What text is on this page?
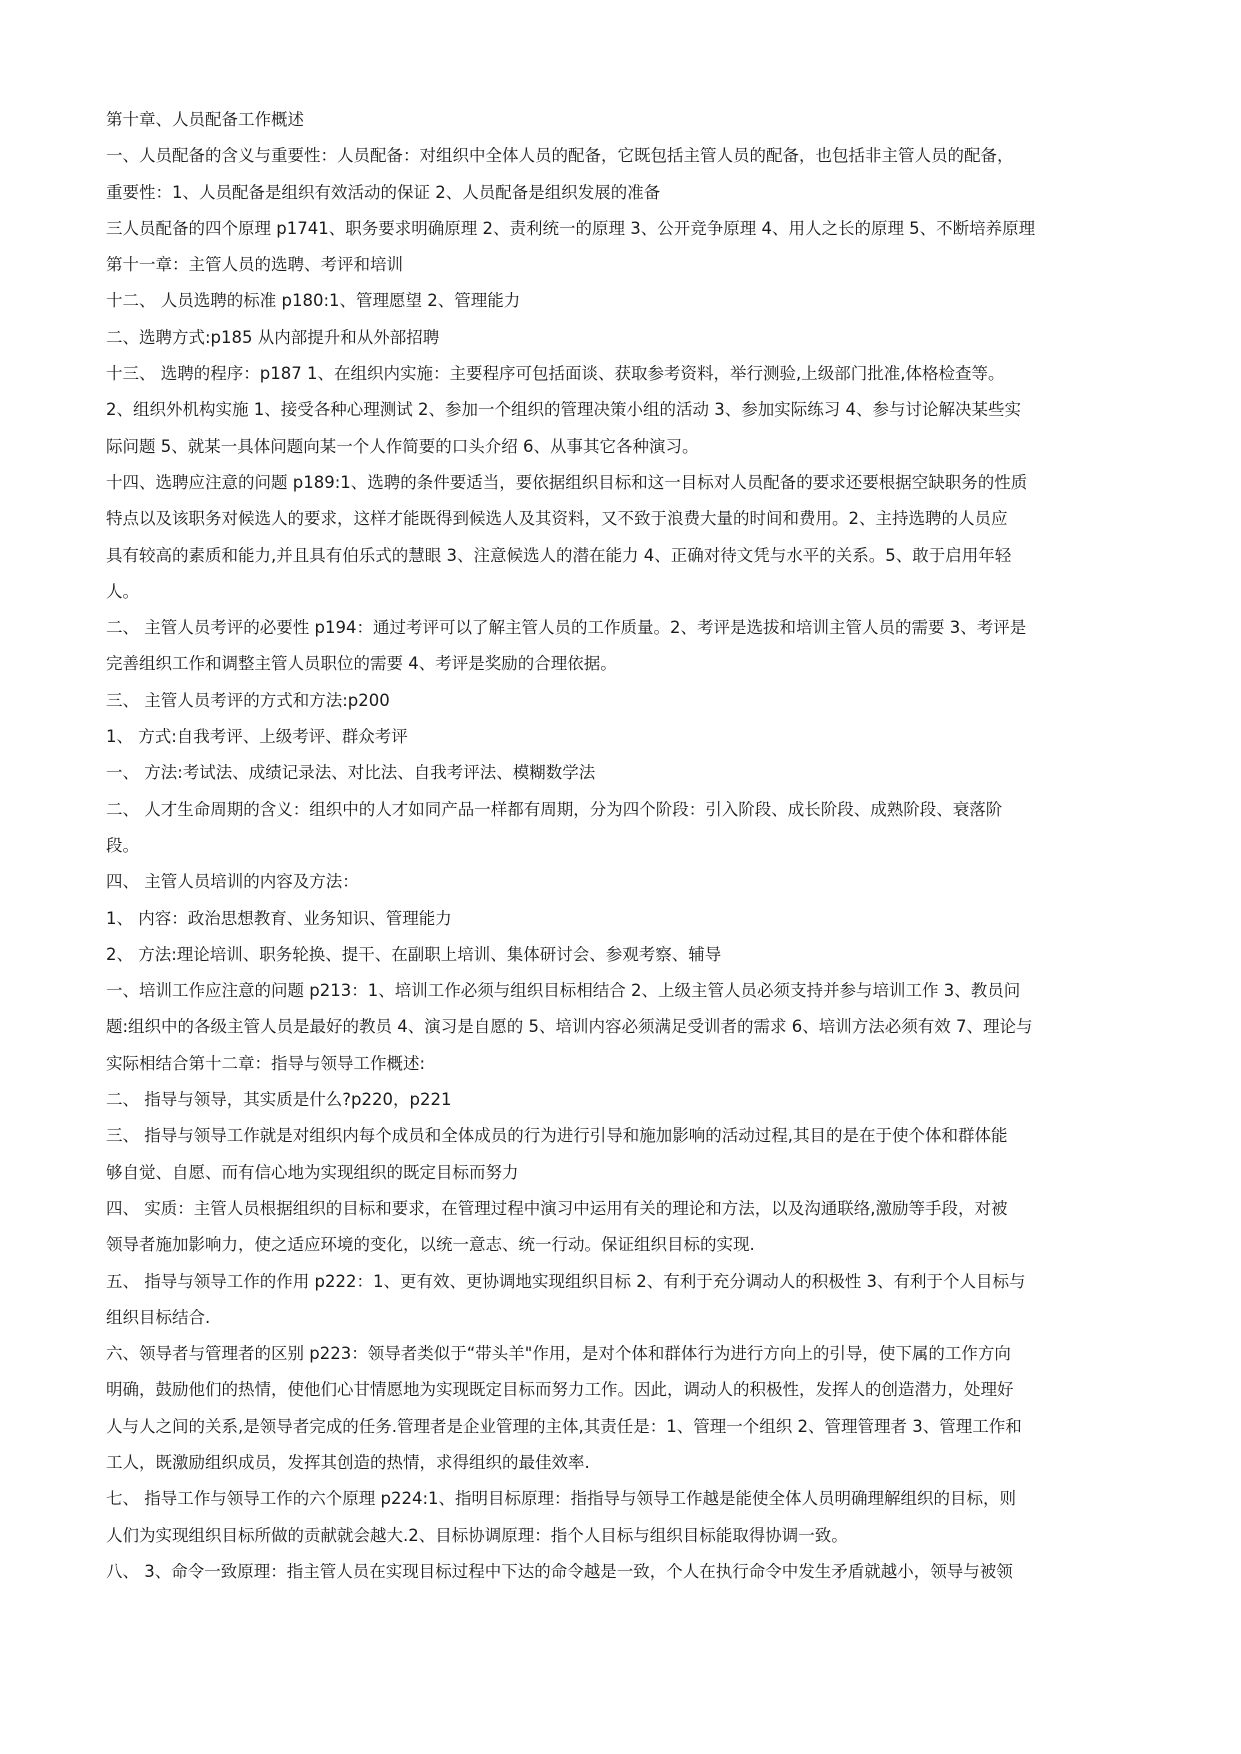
第十章、人员配备工作概述
一、人员配备的含义与重要性：人员配备：对组织中全体人员的配备，它既包括主管人员的配备，也包括非主管人员的配备，
重要性：1、人员配备是组织有效活动的保证 2、人员配备是组织发展的准备
三人员配备的四个原理 p1741、职务要求明确原理 2、责利统一的原理 3、公开竞争原理 4、用人之长的原理 5、不断培养原理
第十一章：主管人员的选聘、考评和培训
十二、 人员选聘的标准 p180:1、管理愿望 2、管理能力
二、选聘方式:p185 从内部提升和从外部招聘
十三、 选聘的程序：p187 1、在组织内实施：主要程序可包括面谈、获取参考资料，举行测验,上级部门批准,体格检查等。
2、组织外机构实施 1、接受各种心理测试 2、参加一个组织的管理决策小组的活动 3、参加实际练习 4、参与讨论解决某些实
际问题 5、就某一具体问题向某一个人作简要的口头介绍 6、从事其它各种演习。
十四、选聘应注意的问题 p189:1、选聘的条件要适当，要依据组织目标和这一目标对人员配备的要求还要根据空缺职务的性质
特点以及该职务对候选人的要求，这样才能既得到候选人及其资料，又不致于浪费大量的时间和费用。2、主持选聘的人员应
具有较高的素质和能力,并且具有伯乐式的慧眼 3、注意候选人的潜在能力 4、正确对待文凭与水平的关系。5、敢于启用年轻
人。
二、 主管人员考评的必要性 p194：通过考评可以了解主管人员的工作质量。2、考评是选拔和培训主管人员的需要 3、考评是
完善组织工作和调整主管人员职位的需要 4、考评是奖励的合理依据。
三、 主管人员考评的方式和方法:p200
1、 方式:自我考评、上级考评、群众考评
一、 方法:考试法、成绩记录法、对比法、自我考评法、模糊数学法
二、 人才生命周期的含义：组织中的人才如同产品一样都有周期，分为四个阶段：引入阶段、成长阶段、成熟阶段、衰落阶
段。
四、 主管人员培训的内容及方法：
1、 内容：政治思想教育、业务知识、管理能力
2、 方法:理论培训、职务轮换、提干、在副职上培训、集体研讨会、参观考察、辅导
一、培训工作应注意的问题 p213：1、培训工作必须与组织目标相结合 2、上级主管人员必须支持并参与培训工作 3、教员问
题:组织中的各级主管人员是最好的教员 4、演习是自愿的 5、培训内容必须满足受训者的需求 6、培训方法必须有效 7、理论与
实际相结合第十二章：指导与领导工作概述:
二、 指导与领导，其实质是什么?p220，p221
三、 指导与领导工作就是对组织内每个成员和全体成员的行为进行引导和施加影响的活动过程,其目的是在于使个体和群体能
够自觉、自愿、而有信心地为实现组织的既定目标而努力
四、 实质：主管人员根据组织的目标和要求，在管理过程中演习中运用有关的理论和方法，以及沟通联络,激励等手段，对被
领导者施加影响力，使之适应环境的变化，以统一意志、统一行动。保证组织目标的实现.
五、 指导与领导工作的作用 p222：1、更有效、更协调地实现组织目标 2、有利于充分调动人的积极性 3、有利于个人目标与
组织目标结合.
六、领导者与管理者的区别 p223：领导者类似于“带头羊"作用，是对个体和群体行为进行方向上的引导，使下属的工作方向
明确，鼓励他们的热情，使他们心甘情愿地为实现既定目标而努力工作。因此，调动人的积极性，发挥人的创造潜力，处理好
人与人之间的关系,是领导者完成的任务.管理者是企业管理的主体,其责任是：1、管理一个组织 2、管理管理者 3、管理工作和
工人，既激励组织成员，发挥其创造的热情，求得组织的最佳效率.
七、 指导工作与领导工作的六个原理 p224:1、指明目标原理：指指导与领导工作越是能使全体人员明确理解组织的目标，则
人们为实现组织目标所做的贡献就会越大.2、目标协调原理：指个人目标与组织目标能取得协调一致。
八、 3、命令一致原理：指主管人员在实现目标过程中下达的命令越是一致，个人在执行命令中发生矛盾就越小，领导与被领
